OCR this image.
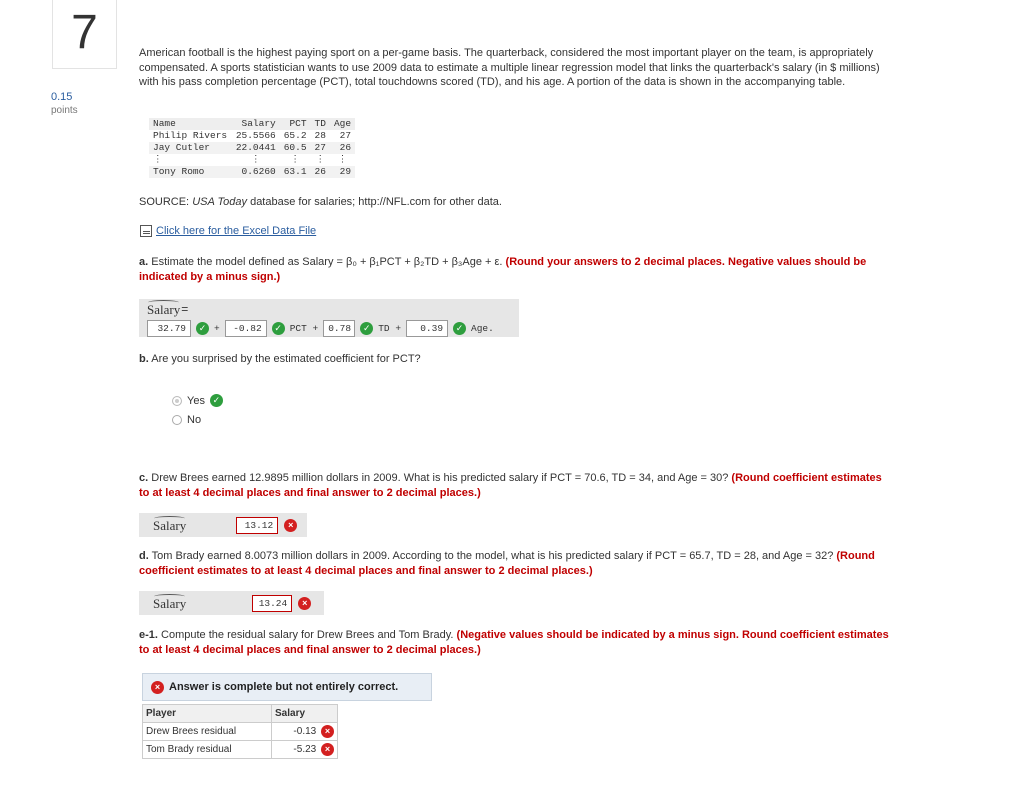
7
0.15
points
American football is the highest paying sport on a per-game basis. The quarterback, considered the most important player on the team, is appropriately compensated. A sports statistician wants to use 2009 data to estimate a multiple linear regression model that links the quarterback's salary (in $ millions) with his pass completion percentage (PCT), total touchdowns scored (TD), and his age. A portion of the data is shown in the accompanying table.
Name	Salary	PCT	TD	Age
Philip Rivers	25.5566	65.2	28	27
Jay Cutler	22.0441	60.5	27	26
⋮	⋮	⋮	⋮	⋮
Tony Romo	0.6260	63.1	26	29
SOURCE: USA Today database for salaries; http://NFL.com for other data.
Click here for the Excel Data File
a. Estimate the model defined as Salary = β₀ + β₁PCT + β₂TD + β₃Age + ε. (Round your answers to 2 decimal places. Negative values should be indicated by a minus sign.)
Salary =
32.79	✓ +	-0.82	✓ PCT +	0.78	✓ TD +	0.39	✓ Age.
b. Are you surprised by the estimated coefficient for PCT?
Yes ✓
No
c. Drew Brees earned 12.9895 million dollars in 2009. What is his predicted salary if PCT = 70.6, TD = 34, and Age = 30? (Round coefficient estimates to at least 4 decimal places and final answer to 2 decimal places.)
Salary	13.12	×
d. Tom Brady earned 8.0073 million dollars in 2009. According to the model, what is his predicted salary if PCT = 65.7, TD = 28, and Age = 32? (Round coefficient estimates to at least 4 decimal places and final answer to 2 decimal places.)
Salary	13.24	×
e-1. Compute the residual salary for Drew Brees and Tom Brady. (Negative values should be indicated by a minus sign. Round coefficient estimates to at least 4 decimal places and final answer to 2 decimal places.)
× Answer is complete but not entirely correct.
Player	Salary
Drew Brees residual	-0.13 ×
Tom Brady residual	-5.23 ×
